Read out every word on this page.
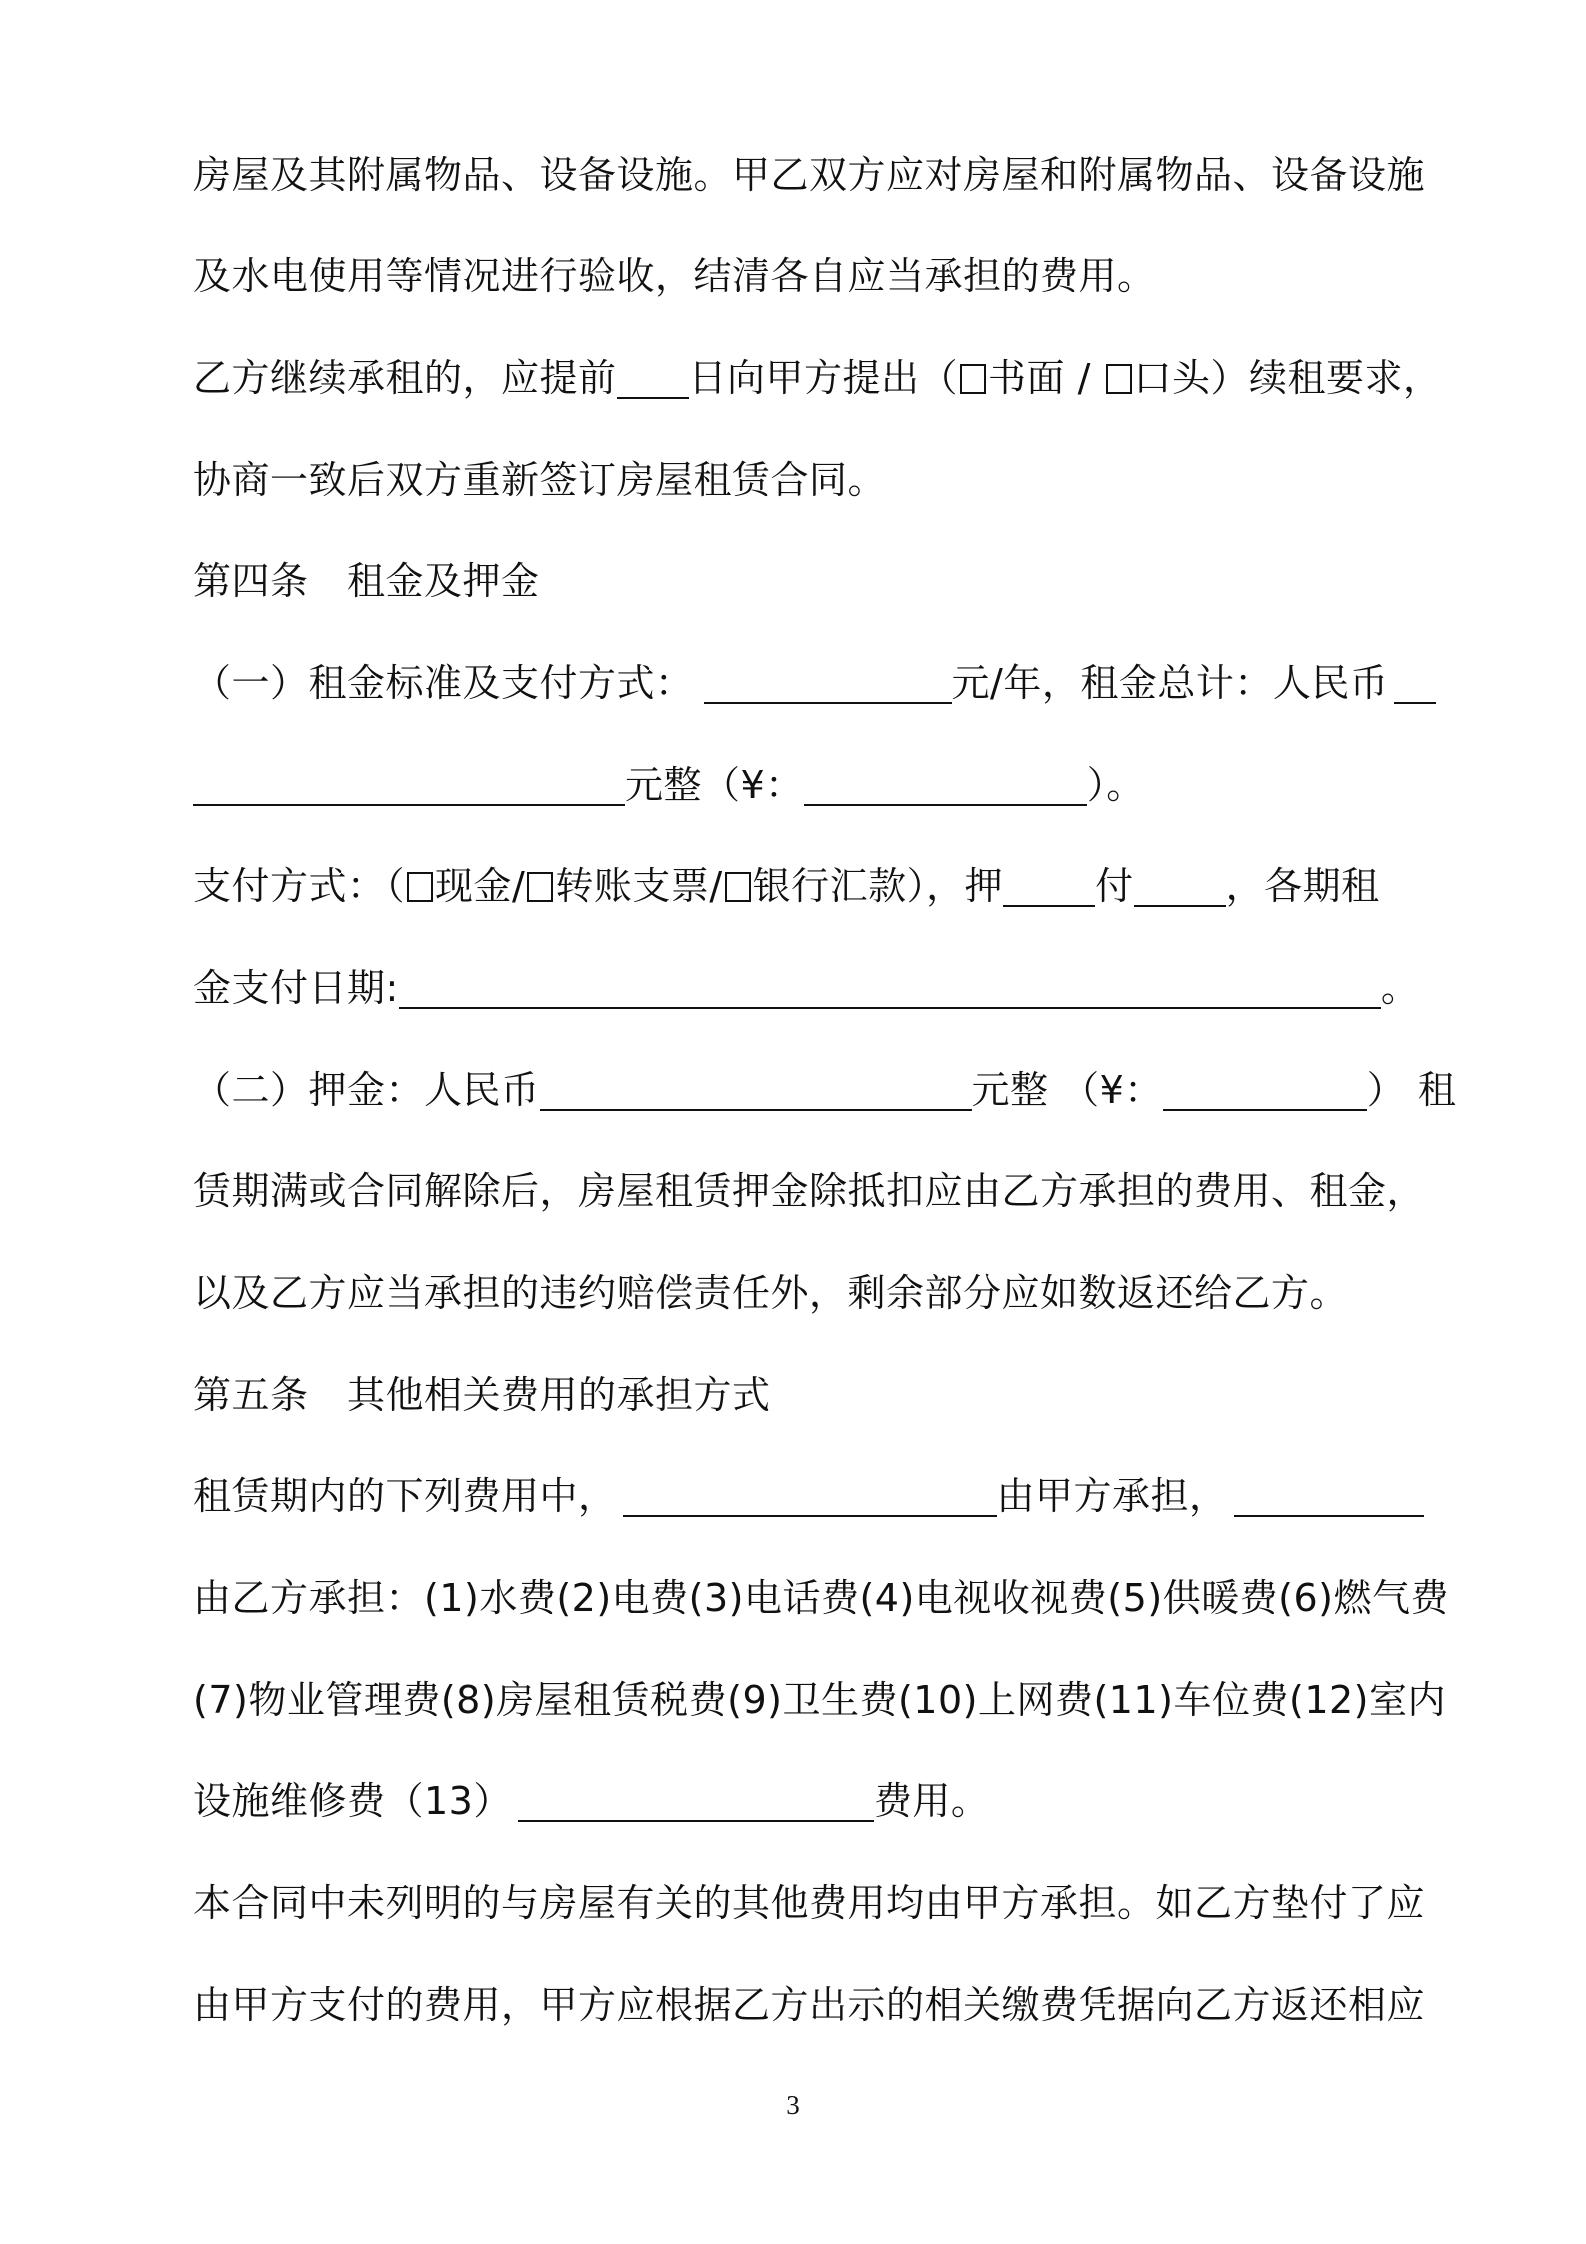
房屋及其附属物品、设备设施。甲乙双方应对房屋和附属物品、设备设施
及水电使用等情况进行验收，结清各自应当承担的费用。
乙方继续承租的，应提前 日向甲方提出（ 书面 / 口头）续租要求，
协商一致后双方重新签订房屋租赁合同。
第四条　租金及押金
（一）租金标准及支付方式：	元/年，租金总计：人民币
元整（¥：	）。
支付方式：（ 现金/ 转账支票/ 银行汇款），押 付 ，各期租
金支付日期:	。
（二）押金：人民币	元整 （¥：	） 租
赁期满或合同解除后，房屋租赁押金除抵扣应由乙方承担的费用、租金，
以及乙方应当承担的违约赔偿责任外，剩余部分应如数返还给乙方。
第五条　其他相关费用的承担方式
租赁期内的下列费用中，	由甲方承担，
由乙方承担：(1)水费(2)电费(3)电话费(4)电视收视费(5)供暖费(6)燃气费
(7)物业管理费(8)房屋租赁税费(9)卫生费(10)上网费(11)车位费(12)室内
设施维修费（13）	费用。
本合同中未列明的与房屋有关的其他费用均由甲方承担。如乙方垫付了应
由甲方支付的费用，甲方应根据乙方出示的相关缴费凭据向乙方返还相应
3
